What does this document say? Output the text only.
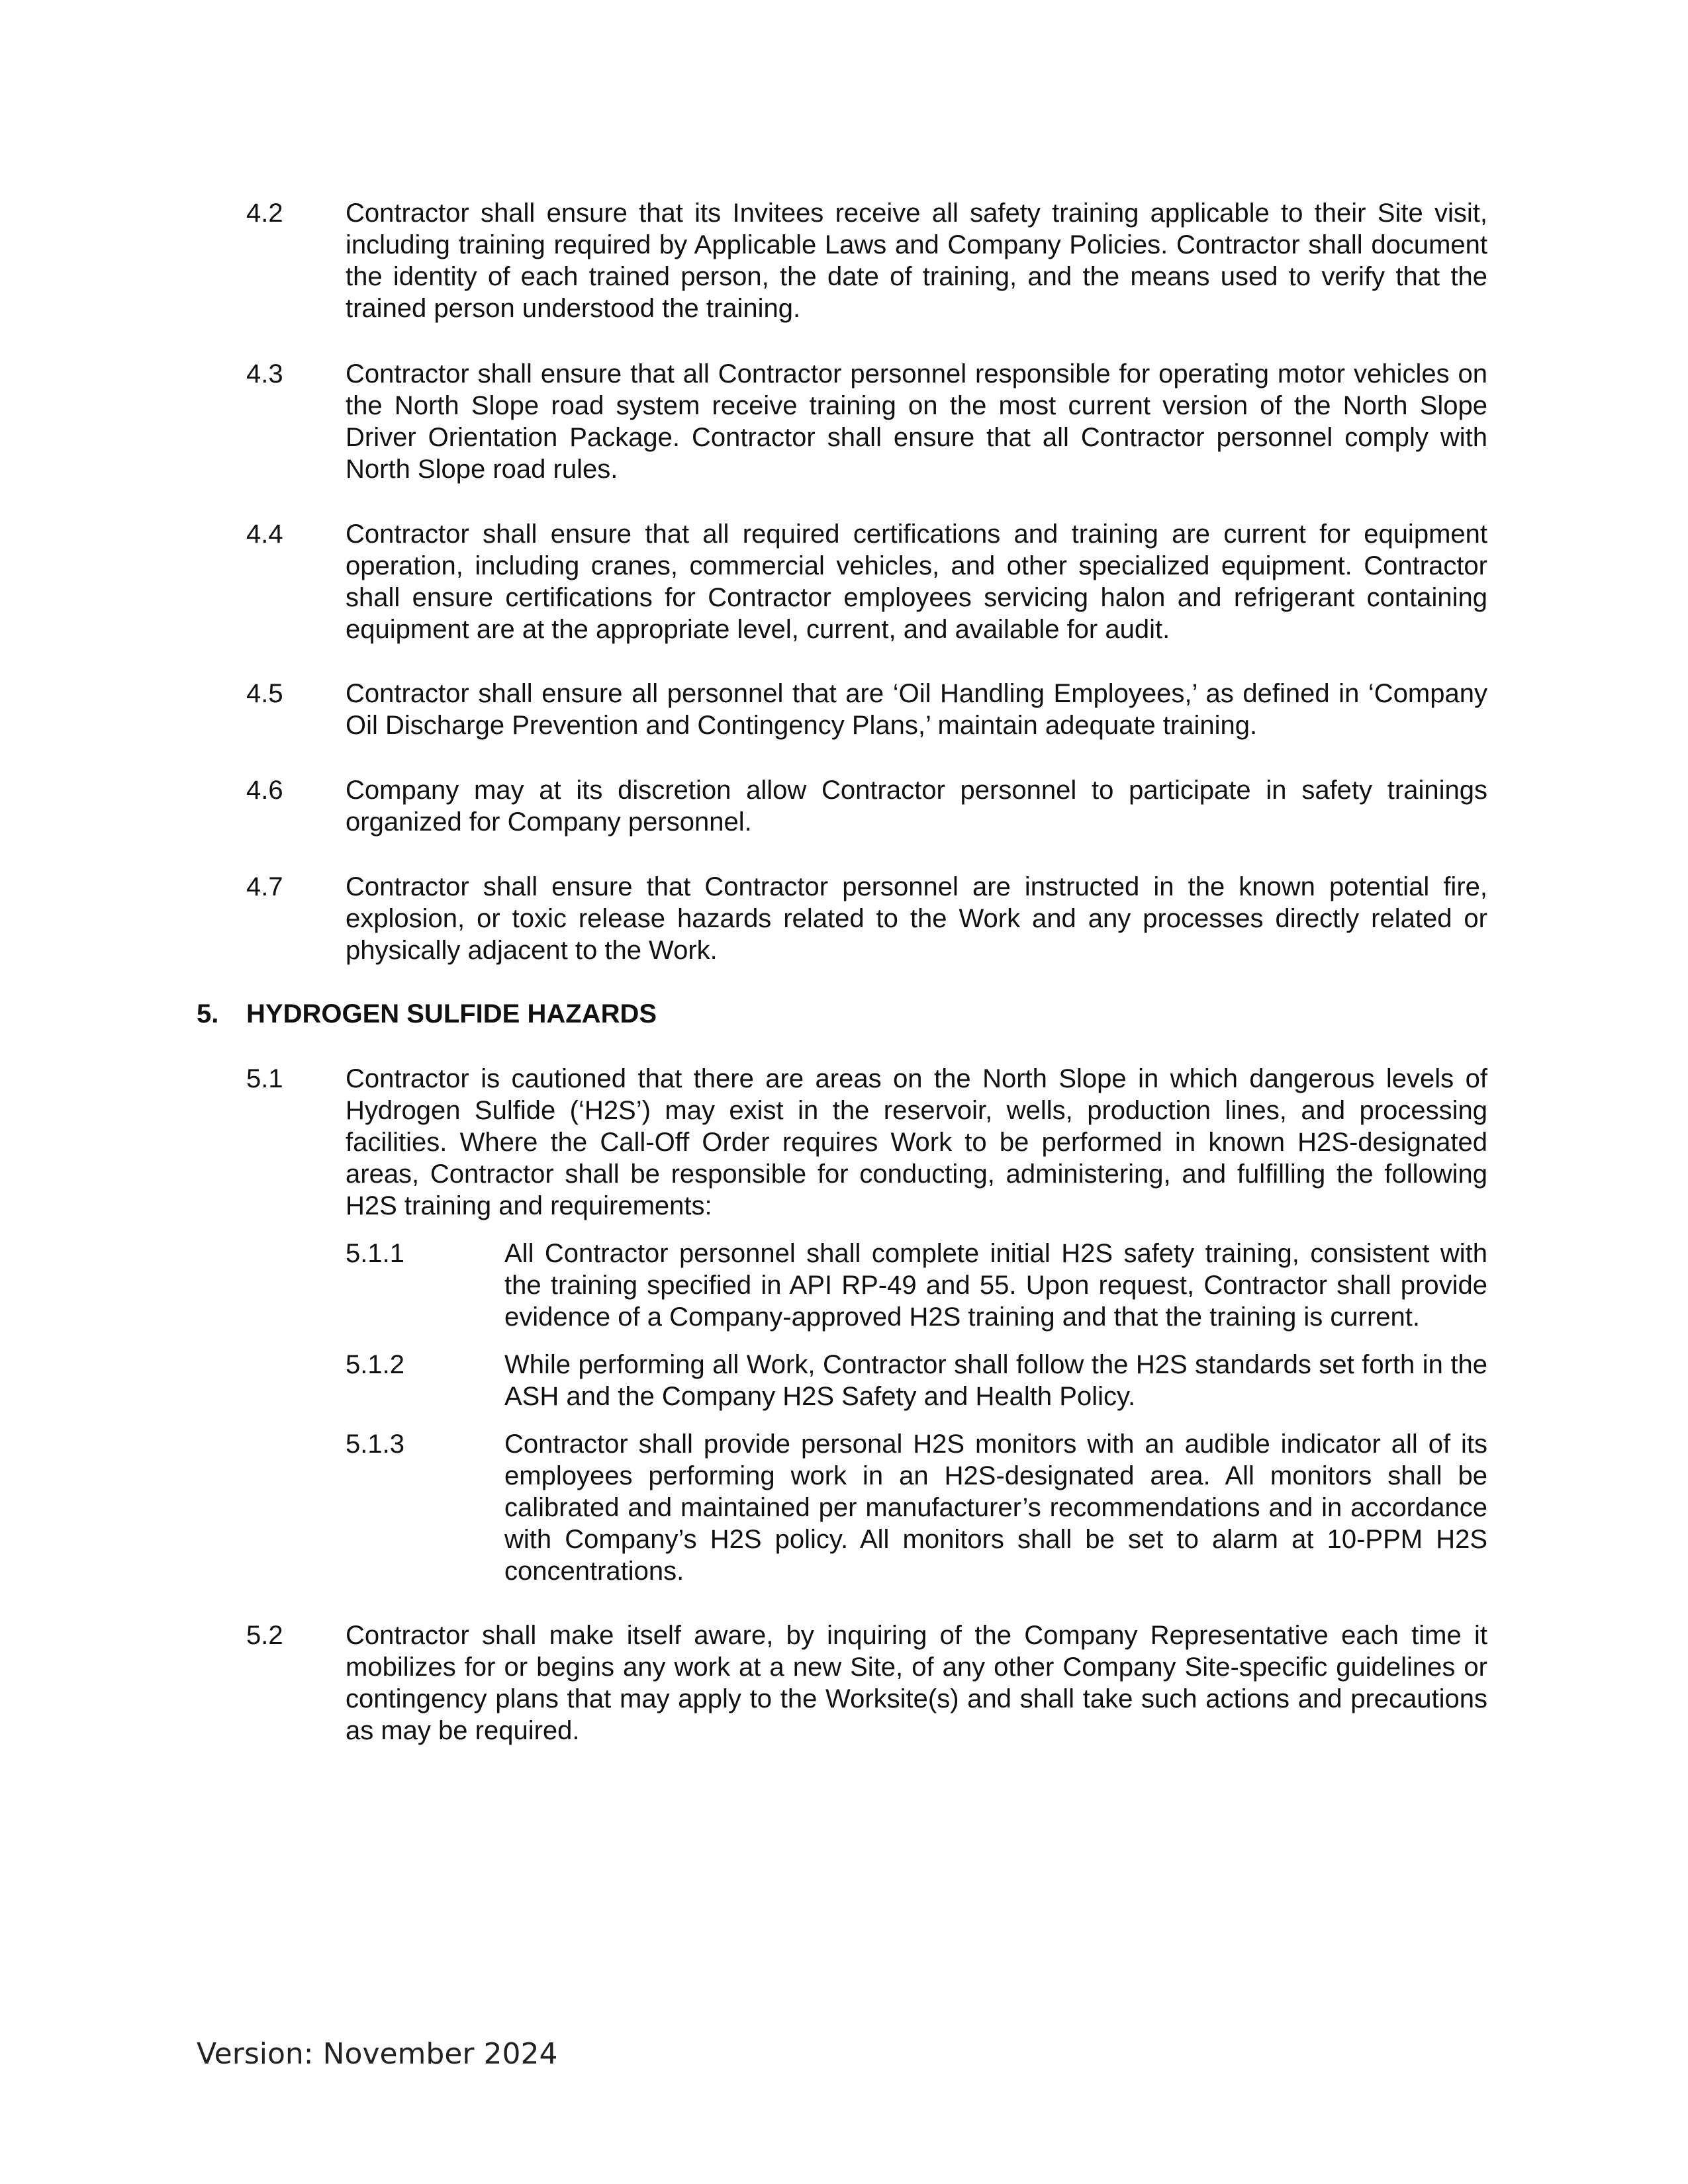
4.2 Contractor shall ensure that its Invitees receive all safety training applicable to their Site visit, including training required by Applicable Laws and Company Policies. Contractor shall document the identity of each trained person, the date of training, and the means used to verify that the trained person understood the training.
4.3 Contractor shall ensure that all Contractor personnel responsible for operating motor vehicles on the North Slope road system receive training on the most current version of the North Slope Driver Orientation Package. Contractor shall ensure that all Contractor personnel comply with North Slope road rules.
4.4 Contractor shall ensure that all required certifications and training are current for equipment operation, including cranes, commercial vehicles, and other specialized equipment. Contractor shall ensure certifications for Contractor employees servicing halon and refrigerant containing equipment are at the appropriate level, current, and available for audit.
4.5 Contractor shall ensure all personnel that are ‘Oil Handling Employees,’ as defined in ‘Company Oil Discharge Prevention and Contingency Plans,’ maintain adequate training.
4.6 Company may at its discretion allow Contractor personnel to participate in safety trainings organized for Company personnel.
4.7 Contractor shall ensure that Contractor personnel are instructed in the known potential fire, explosion, or toxic release hazards related to the Work and any processes directly related or physically adjacent to the Work.
5. HYDROGEN SULFIDE HAZARDS
5.1 Contractor is cautioned that there are areas on the North Slope in which dangerous levels of Hydrogen Sulfide (‘H2S’) may exist in the reservoir, wells, production lines, and processing facilities. Where the Call-Off Order requires Work to be performed in known H2S-designated areas, Contractor shall be responsible for conducting, administering, and fulfilling the following H2S training and requirements:
5.1.1	All Contractor personnel shall complete initial H2S safety training, consistent with the training specified in API RP-49 and 55. Upon request, Contractor shall provide evidence of a Company-approved H2S training and that the training is current.
5.1.2	While performing all Work, Contractor shall follow the H2S standards set forth in the ASH and the Company H2S Safety and Health Policy.
5.1.3	Contractor shall provide personal H2S monitors with an audible indicator all of its employees performing work in an H2S-designated area. All monitors shall be calibrated and maintained per manufacturer’s recommendations and in accordance with Company’s H2S policy. All monitors shall be set to alarm at 10-PPM H2S concentrations.
5.2 Contractor shall make itself aware, by inquiring of the Company Representative each time it mobilizes for or begins any work at a new Site, of any other Company Site-specific guidelines or contingency plans that may apply to the Worksite(s) and shall take such actions and precautions as may be required.
Version: November 2024
